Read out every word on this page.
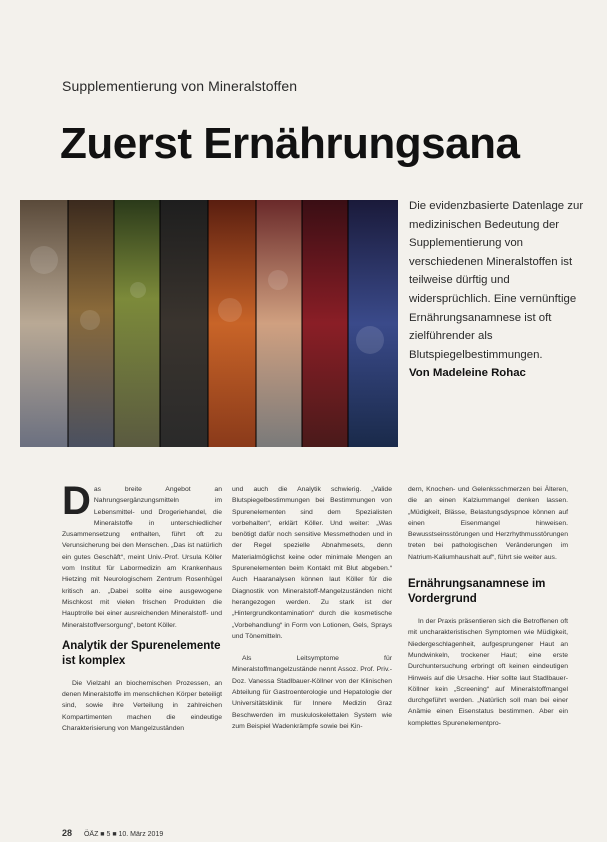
Supplementierung von Mineralstoffen
Zuerst Ernährungsana

Die evidenzbasierte Datenlage zur medizinischen Bedeutung der Supplementierung von verschiedenen Mineralstoffen ist teilweise dürftig und widersprüchlich. Eine vernünftige Ernährungsanamnese ist oft zielführender als Blutspiegelbestimmungen.

Von Madeleine Rohac

Das breite Angebot an Nahrungsergänzungsmitteln im Lebensmittel- und Drogeriehandel, die Mineralstoffe in unterschiedlicher Zusammensetzung enthalten, führt oft zu Verunsicherung bei den Menschen. „Das ist natürlich ein gutes Geschäft“, meint Univ.-Prof. Ursula Köller vom Institut für Labormedizin am Krankenhaus Hietzing mit Neurologischem Zentrum Rosenhügel kritisch an. „Dabei sollte eine ausgewogene Mischkost mit vielen frischen Produkten die Hauptrolle bei einer ausreichenden Mineralstoff- und Mineralstoffversorgung“, betont Köller.

Analytik der Spurenelemente ist komplex

Die Vielzahl an biochemischen Prozessen, an denen Mineralstoffe im menschlichen Körper beteiligt sind, sowie ihre Verteilung in zahlreichen Kompartimenten machen die eindeutige Charakterisierung von Mangelzuständen

und auch die Analytik schwierig. „Valide Blutspiegelbestimmungen bei Bestimmungen von Spurenelementen sind dem Spezialisten vorbehalten“, erklärt Köller. Und weiter: „Was benötigt dafür noch sensitive Messmethoden und in der Regel spezielle Abnahmesets, denn Materialmöglichst keine oder minimale Mengen an Spurenelementen beim Kontakt mit Blut abgeben.“ Auch Haaranalysen können laut Köller für die Diagnostik von Mineralstoff-Mangelzuständen nicht herangezogen werden. Zu stark ist der „Hintergrundkontamination“ durch die kosmetische „Vorbehandlung“ in Form von Lotionen, Gels, Sprays und Tönemitteln.

Als Leitsymptome für Mineralstoffmangelzustände nennt Assoz. Prof. Priv.-Doz. Vanessa Stadlbauer-Köllner von der Klinischen Abteilung für Gastroenterologie und Hepatologie der Universitätsklinik für Innere Medizin Graz Beschwerden im muskuloskelettalen System wie zum Beispiel Wadenkrämpfe sowie bei Kin-

dern, Knochen- und Gelenksschmerzen bei Älteren, die an einen Kalziummangel denken lassen. „Müdigkeit, Blässe, Belastungsdyspnoe können auf einen Eisenmangel hinweisen. Bewusstseinsstörungen und Herzrhythmusstörungen treten bei pathologischen Veränderungen im Natrium-Kaliumhaushalt auf“, führt sie weiter aus.

Ernährungsanamnese im Vordergrund

In der Praxis präsentieren sich die Betroffenen oft mit uncharakteristischen Symptomen wie Müdigkeit, Niedergeschlagenheit, aufgesprungener Haut an Mundwinkeln, trockener Haut; eine erste Durchuntersuchung erbringt oft keinen eindeutigen Hinweis auf die Ursache. Hier sollte laut Stadlbauer-Köllner kein „Screening“ auf Mineralstoffmangel durchgeführt werden. „Natürlich soll man bei einer Anämie einen Eisenstatus bestimmen. Aber ein komplettes Spurenelementpro-

28 ÖÄZ ■ 5 ■ 10. März 2019
